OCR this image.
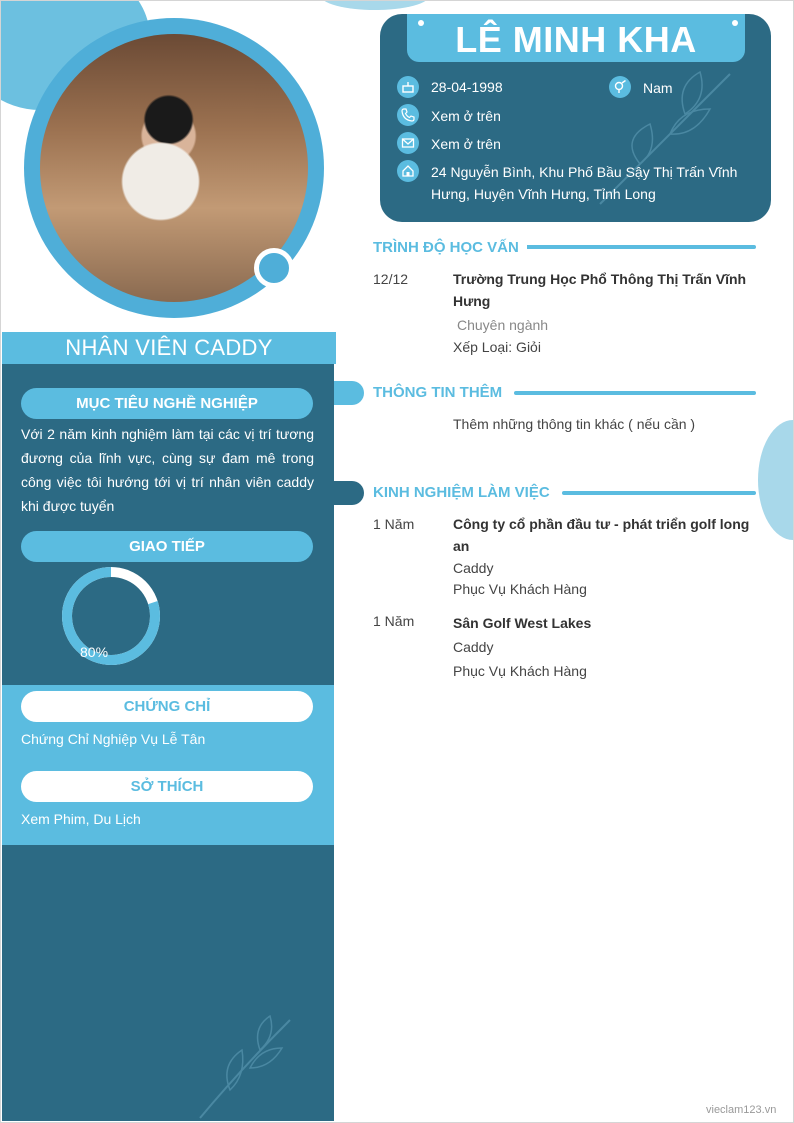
NHÂN VIÊN CADDY
MỤC TIÊU NGHỀ NGHIỆP
Với 2 năm kinh nghiệm làm tại các vị trí tương đương của lĩnh vực, cùng sự đam mê trong công việc tôi hướng tới vị trí nhân viên caddy khi được tuyển
GIAO TIẾP
80%
CHỨNG CHỈ
Chứng Chỉ Nghiệp Vụ Lễ Tân
SỞ THÍCH
Xem Phim, Du Lịch
LÊ MINH KHA
28-04-1998	Nam
Xem ở trên
Xem ở trên
24 Nguyễn Bình, Khu Phố Bầu Sậy Thị Trấn Vĩnh Hưng, Huyện Vĩnh Hưng, Tỉnh Long
TRÌNH ĐỘ HỌC VẤN
12/12	Trường Trung Học Phổ Thông Thị Trấn Vĩnh Hưng
Chuyên ngành
Xếp Loại: Giỏi
THÔNG TIN THÊM
Thêm những thông tin khác ( nếu cần )
KINH NGHIỆM LÀM VIỆC
1 Năm	Công ty cổ phần đầu tư - phát triển golf long an
Caddy
Phục Vụ Khách Hàng
1 Năm	Sân Golf West Lakes
Caddy
Phục Vụ Khách Hàng
vieclam123.vn
